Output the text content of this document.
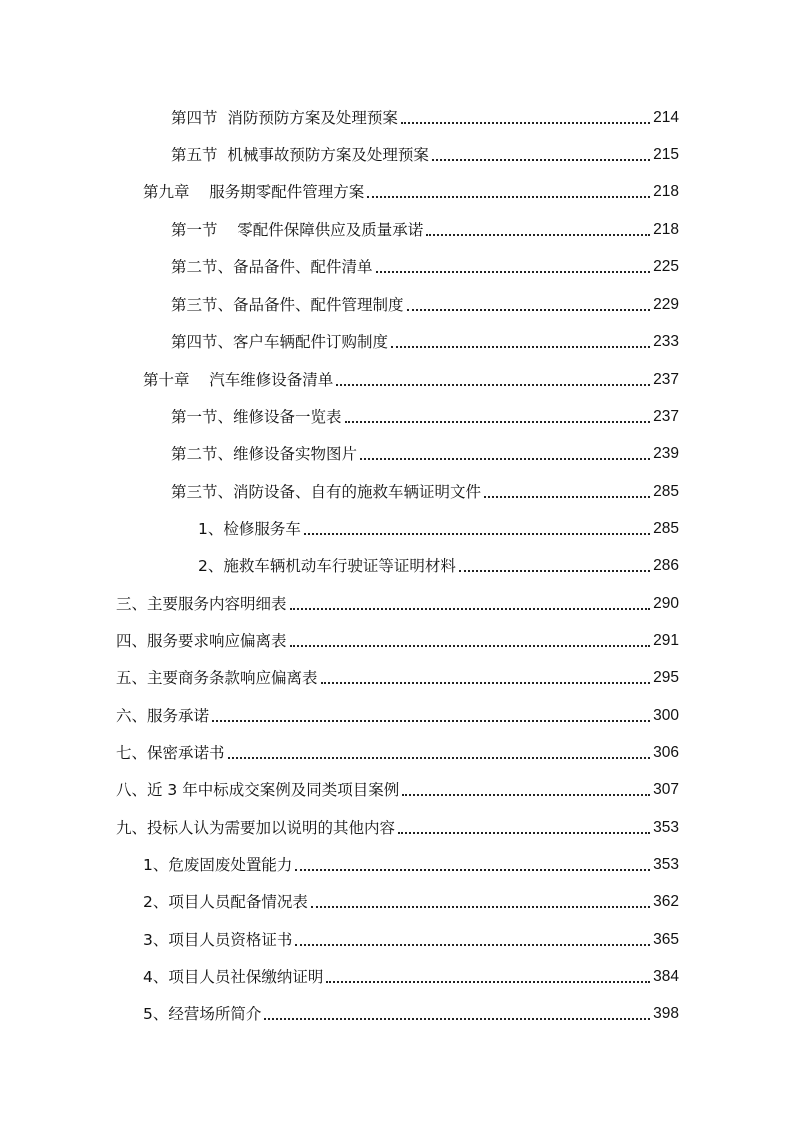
第四节  消防预防方案及处理预案	214
第五节  机械事故预防方案及处理预案	215
第九章    服务期零配件管理方案	218
第一节    零配件保障供应及质量承诺	218
第二节、备品备件、配件清单	225
第三节、备品备件、配件管理制度	229
第四节、客户车辆配件订购制度	233
第十章    汽车维修设备清单	237
第一节、维修设备一览表	237
第二节、维修设备实物图片	239
第三节、消防设备、自有的施救车辆证明文件	285
1、检修服务车	285
2、施救车辆机动车行驶证等证明材料	286
三、主要服务内容明细表	290
四、服务要求响应偏离表	291
五、主要商务条款响应偏离表	295
六、服务承诺	300
七、保密承诺书	306
八、近 3 年中标成交案例及同类项目案例	307
九、投标人认为需要加以说明的其他内容	353
1、危废固废处置能力	353
2、项目人员配备情况表	362
3、项目人员资格证书	365
4、项目人员社保缴纳证明	384
5、经营场所简介	398
